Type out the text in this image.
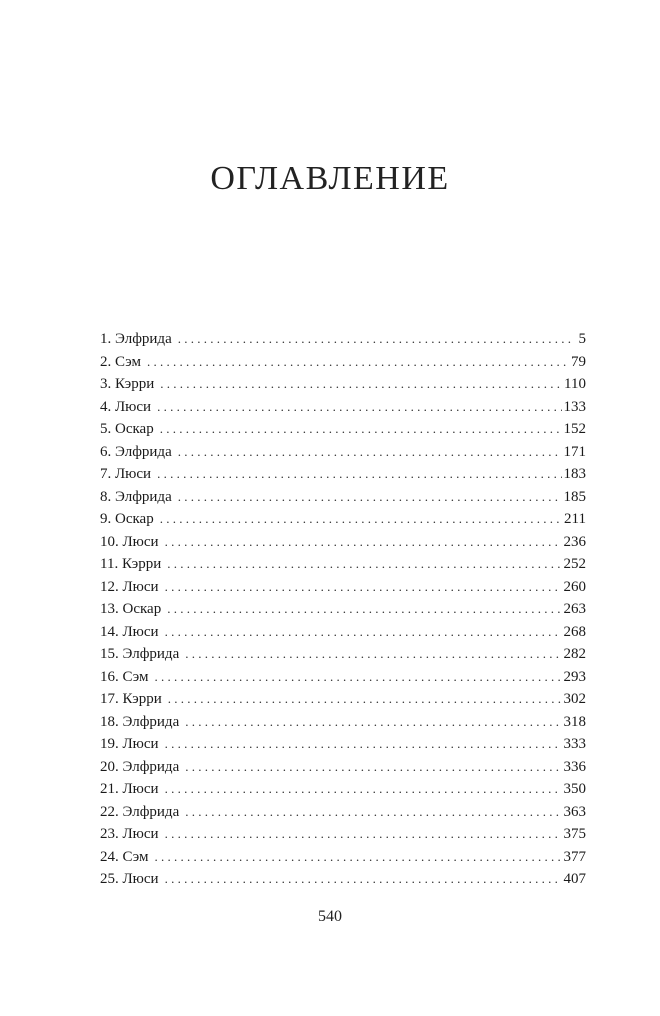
ОГЛАВЛЕНИЕ
1. Элфрида . . .	5
2. Сэм . . .	79
3. Кэрри . . .	110
4. Люси . . .	133
5. Оскар . . .	152
6. Элфрида . . .	171
7. Люси . . .	183
8. Элфрида . . .	185
9. Оскар . . .	211
10. Люси . . .	236
11. Кэрри . . .	252
12. Люси . . .	260
13. Оскар . . .	263
14. Люси . . .	268
15. Элфрида . . .	282
16. Сэм . . .	293
17. Кэрри . . .	302
18. Элфрида . . .	318
19. Люси . . .	333
20. Элфрида . . .	336
21. Люси . . .	350
22. Элфрида . . .	363
23. Люси . . .	375
24. Сэм . . .	377
25. Люси . . .	407
540
